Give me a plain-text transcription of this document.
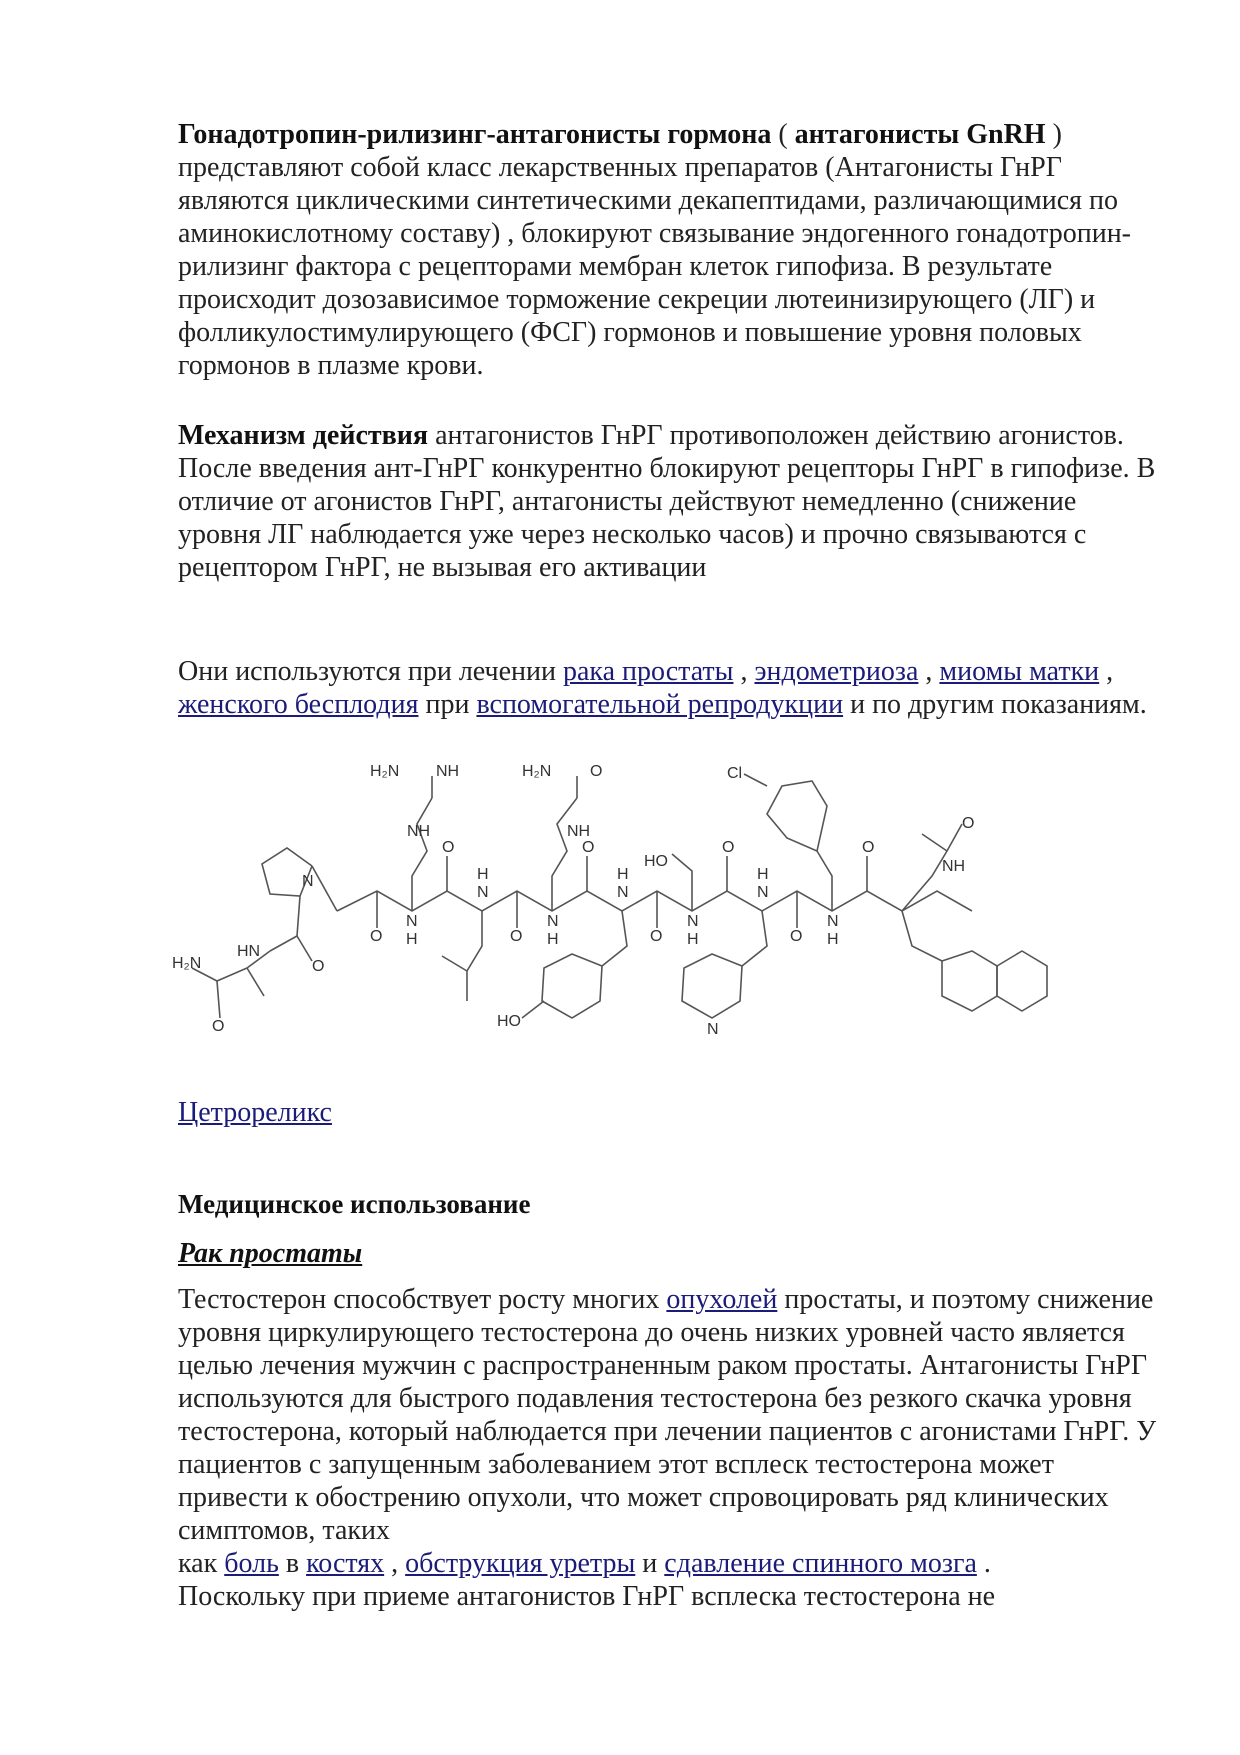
Гонадотропин-рилизинг-антагонисты гормона ( антагонисты GnRH )
представляют собой класс лекарственных препаратов (Антагонисты ГнРГ являются циклическими синтетическими декапептидами, различающимися по аминокислотному составу) , блокируют связывание эндогенного гонадотропин-рилизинг фактора с рецепторами мембран клеток гипофиза. В результате происходит дозозависимое торможение секреции лютеинизирующего (ЛГ) и фолликулостимулирующего (ФСГ) гормонов и повышение уровня половых гормонов в плазме крови.

Механизм действия антагонистов ГнРГ противоположен действию агонистов. После введения ант-ГнРГ конкурентно блокируют рецепторы ГнРГ в гипофизе. В отличие от агонистов ГнРГ, антагонисты действуют немедленно (снижение уровня ЛГ наблюдается уже через несколько часов) и прочно связываются с рецептором ГнРГ, не вызывая его активации

Они используются при лечении рака простаты , эндометриоза , миомы матки , женского бесплодия при вспомогательной репродукции и по другим показаниям.

H₂N NH
NH
H₂N O
NH
Cl
HO
O
NH
N
H₂N
HN
O
O
O
N
H
O
H
N
O
N
H
O
H
N
O
N
H
O
H
N
O
N
H
O
HO	N

Цетрореликс

Медицинское использование

Рак простаты

Тестостерон способствует росту многих опухолей простаты, и поэтому снижение уровня циркулирующего тестостерона до очень низких уровней часто является целью лечения мужчин с распространенным раком простаты. Антагонисты ГнРГ используются для быстрого подавления тестостерона без резкого скачка уровня тестостерона, который наблюдается при лечении пациентов с агонистами ГнРГ. У пациентов с запущенным заболеванием этот всплеск тестостерона может привести к обострению опухоли, что может спровоцировать ряд клинических симптомов, таких
как боль в костях , обструкция уретры и сдавление спинного мозга .
Поскольку при приеме антагонистов ГнРГ всплеска тестостерона не
